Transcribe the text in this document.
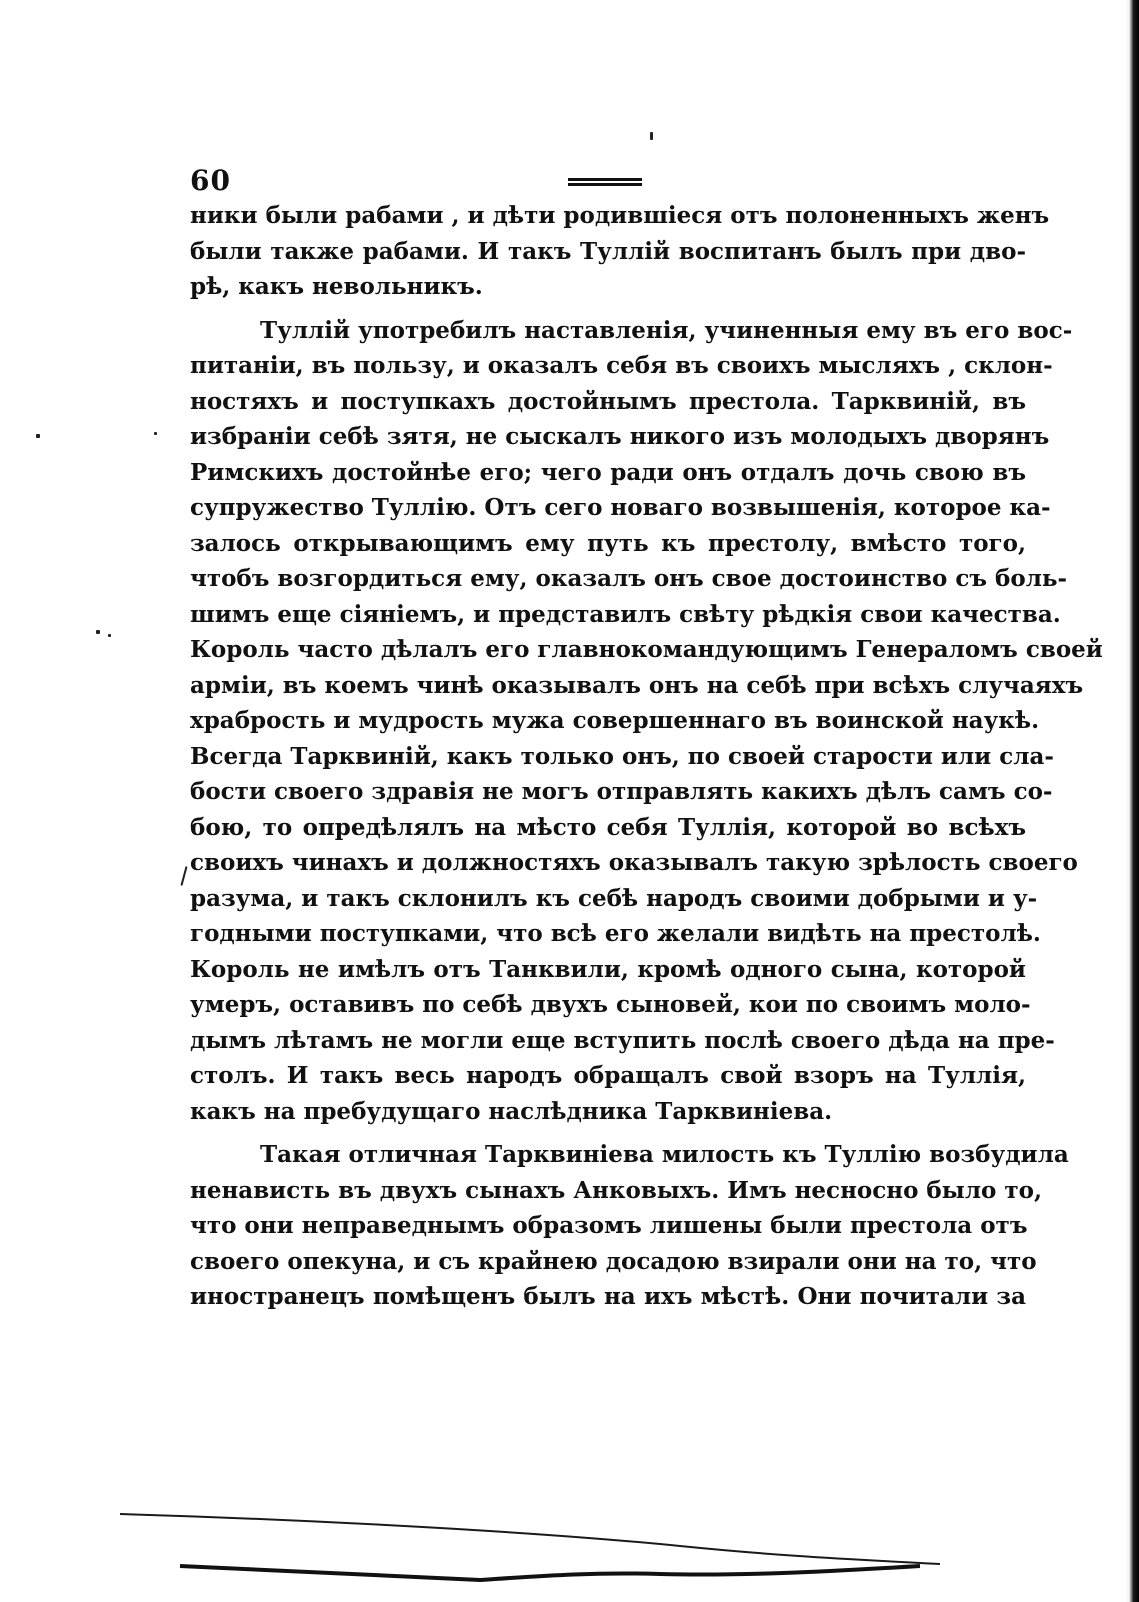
60
ники были рабами , и дѣти родившіеся отъ полоненныхъ женъ
были также рабами. И такъ Туллій воспитанъ былъ при дво-
рѣ, какъ невольникъ.
Туллій употребилъ наставленія, учиненныя ему въ его вос-
питаніи, въ пользу, и оказалъ себя въ своихъ мысляхъ , склон-
ностяхъ и поступкахъ достойнымъ престола. Тарквиній, въ
избраніи себѣ зятя, не сыскалъ никого изъ молодыхъ дворянъ
Римскихъ достойнѣе его; чего ради онъ отдалъ дочь свою въ
супружество Туллію. Отъ сего новаго возвышенія, которое ка-
залось открывающимъ ему путь къ престолу, вмѣсто того,
чтобъ возгордиться ему, оказалъ онъ свое достоинство съ боль-
шимъ еще сіяніемъ, и представилъ свѣту рѣдкія свои качества.
Король часто дѣлалъ его главнокомандующимъ Генераломъ своей
арміи, въ коемъ чинѣ оказывалъ онъ на себѣ при всѣхъ случаяхъ
храбрость и мудрость мужа совершеннаго въ воинской наукѣ.
Всегда Тарквиній, какъ только онъ, по своей старости или сла-
бости своего здравія не могъ отправлять какихъ дѣлъ самъ со-
бою, то опредѣлялъ на мѣсто себя Туллія, которой во всѣхъ
своихъ чинахъ и должностяхъ оказывалъ такую зрѣлость своего
разума, и такъ склонилъ къ себѣ народъ своими добрыми и у-
годными поступками, что всѣ его желали видѣть на престолѣ.
Король не имѣлъ отъ Танквили, кромѣ одного сына, которой
умеръ, оставивъ по себѣ двухъ сыновей, кои по своимъ моло-
дымъ лѣтамъ не могли еще вступить послѣ своего дѣда на пре-
столъ. И такъ весь народъ обращалъ свой взоръ на Туллія,
какъ на пребудущаго наслѣдника Тарквиніева.
Такая отличная Тарквиніева милость къ Туллію возбудила
ненависть въ двухъ сынахъ Анковыхъ. Имъ несносно было то,
что они неправеднымъ образомъ лишены были престола отъ
своего опекуна, и съ крайнею досадою взирали они на то, что
иностранецъ помѣщенъ былъ на ихъ мѣстѣ. Они почитали за
